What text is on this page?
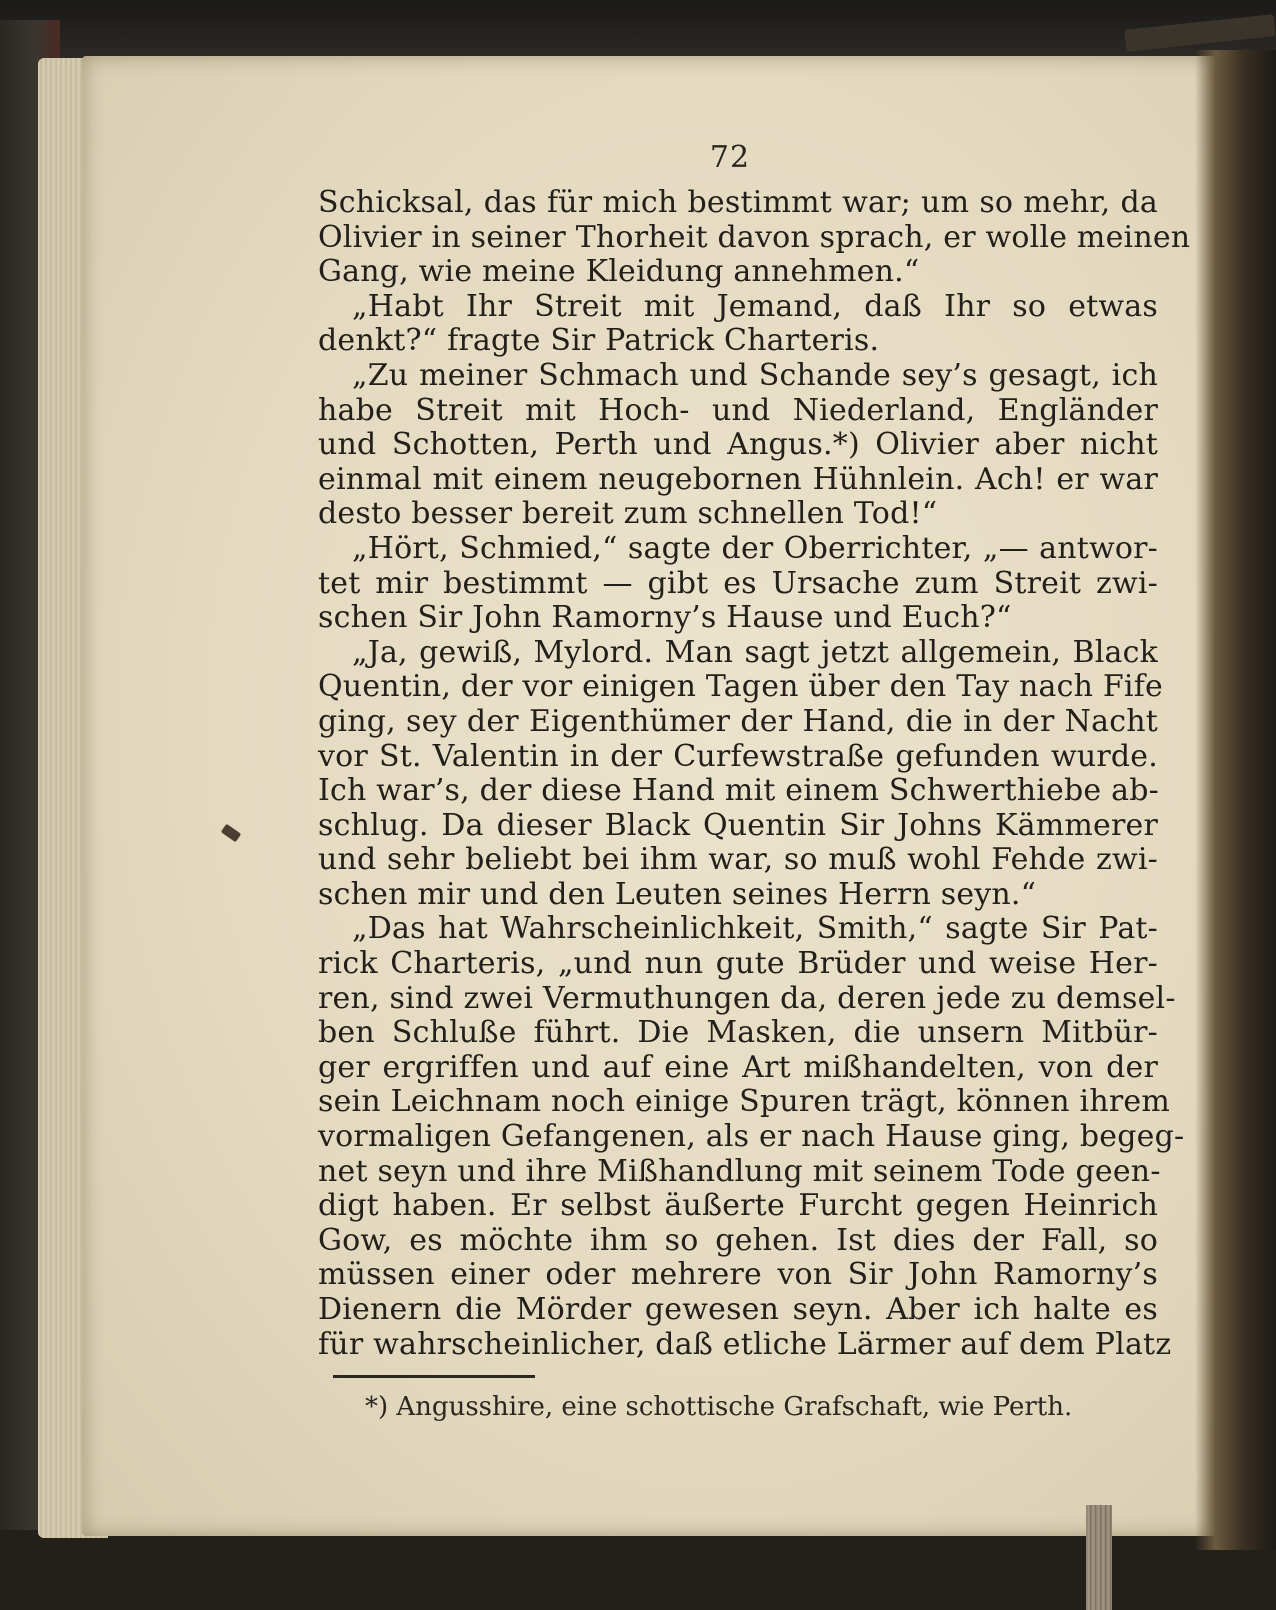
72
Schicksal, das für mich bestimmt war; um so mehr, da
Olivier in seiner Thorheit davon sprach, er wolle meinen
Gang, wie meine Kleidung annehmen.“
„Habt Ihr Streit mit Jemand, daß Ihr so etwas
denkt?“ fragte Sir Patrick Charteris.
„Zu meiner Schmach und Schande sey’s gesagt, ich
habe Streit mit Hoch- und Niederland, Engländer
und Schotten, Perth und Angus.*) Olivier aber nicht
einmal mit einem neugebornen Hühnlein. Ach! er war
desto besser bereit zum schnellen Tod!“
„Hört, Schmied,“ sagte der Oberrichter, „— antwor-
tet mir bestimmt — gibt es Ursache zum Streit zwi-
schen Sir John Ramorny’s Hause und Euch?“
„Ja, gewiß, Mylord. Man sagt jetzt allgemein, Black
Quentin, der vor einigen Tagen über den Tay nach Fife
ging, sey der Eigenthümer der Hand, die in der Nacht
vor St. Valentin in der Curfewstraße gefunden wurde.
Ich war’s, der diese Hand mit einem Schwerthiebe ab-
schlug. Da dieser Black Quentin Sir Johns Kämmerer
und sehr beliebt bei ihm war, so muß wohl Fehde zwi-
schen mir und den Leuten seines Herrn seyn.“
„Das hat Wahrscheinlichkeit, Smith,“ sagte Sir Pat-
rick Charteris, „und nun gute Brüder und weise Her-
ren, sind zwei Vermuthungen da, deren jede zu demsel-
ben Schluße führt. Die Masken, die unsern Mitbür-
ger ergriffen und auf eine Art mißhandelten, von der
sein Leichnam noch einige Spuren trägt, können ihrem
vormaligen Gefangenen, als er nach Hause ging, begeg-
net seyn und ihre Mißhandlung mit seinem Tode geen-
digt haben. Er selbst äußerte Furcht gegen Heinrich
Gow, es möchte ihm so gehen. Ist dies der Fall, so
müssen einer oder mehrere von Sir John Ramorny’s
Dienern die Mörder gewesen seyn. Aber ich halte es
für wahrscheinlicher, daß etliche Lärmer auf dem Platz
*) Angusshire, eine schottische Grafschaft, wie Perth.
